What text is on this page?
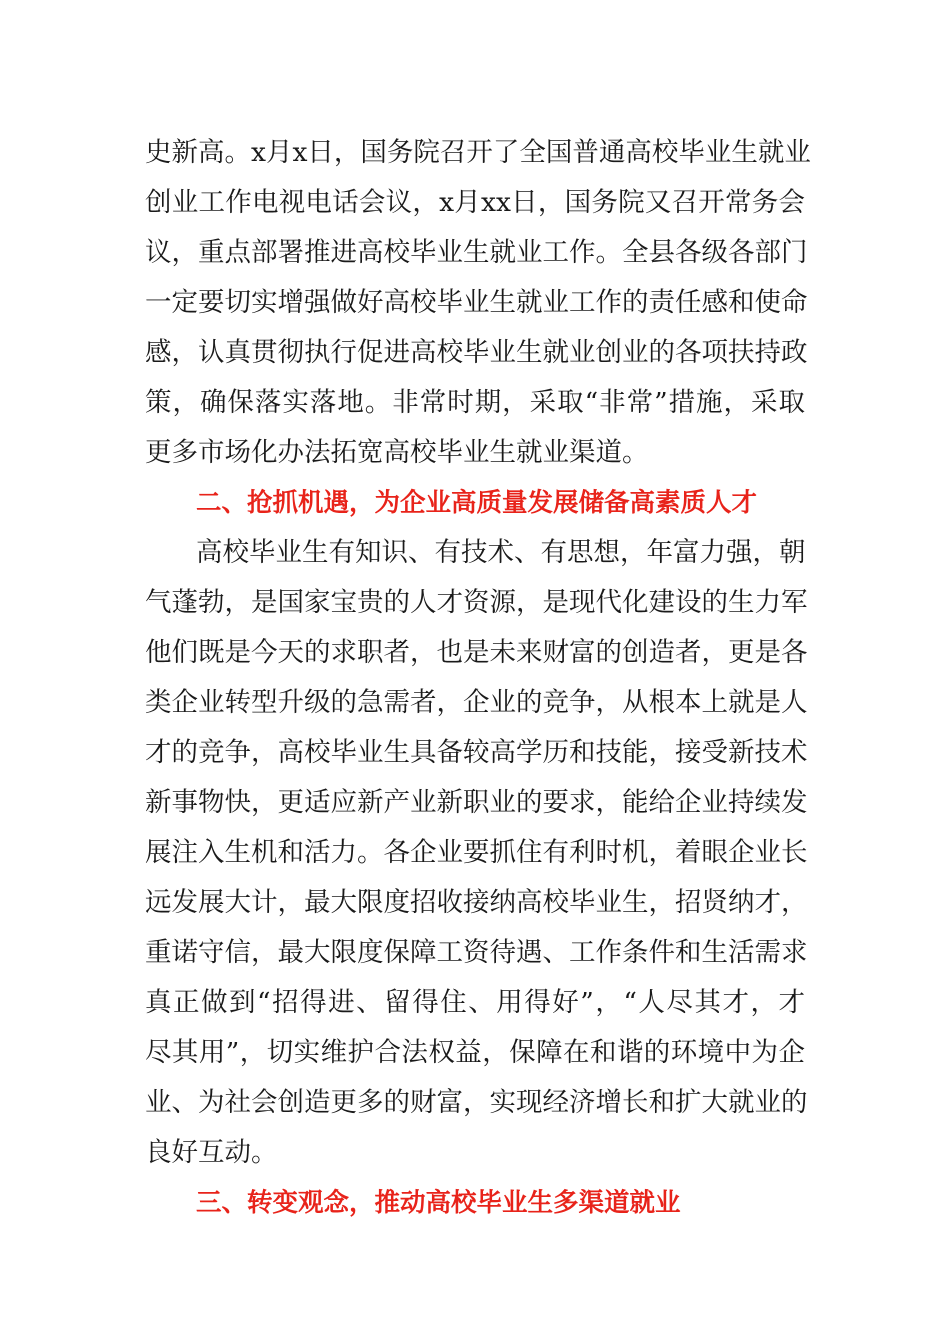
史新高。x月x日，国务院召开了全国普通高校毕业生就业
创业工作电视电话会议，x月xx日，国务院又召开常务会
议，重点部署推进高校毕业生就业工作。全县各级各部门
一定要切实增强做好高校毕业生就业工作的责任感和使命
感，认真贯彻执行促进高校毕业生就业创业的各项扶持政
策，确保落实落地。非常时期，采取“非常”措施，采取
更多市场化办法拓宽高校毕业生就业渠道。
二、抢抓机遇，为企业高质量发展储备高素质人才
高校毕业生有知识、有技术、有思想，年富力强，朝
气蓬勃，是国家宝贵的人才资源，是现代化建设的生力军
他们既是今天的求职者，也是未来财富的创造者，更是各
类企业转型升级的急需者，企业的竞争，从根本上就是人
才的竞争，高校毕业生具备较高学历和技能，接受新技术
新事物快，更适应新产业新职业的要求，能给企业持续发
展注入生机和活力。各企业要抓住有利时机，着眼企业长
远发展大计，最大限度招收接纳高校毕业生，招贤纳才，
重诺守信，最大限度保障工资待遇、工作条件和生活需求
真正做到“招得进、留得住、用得好”，“人尽其才，才
尽其用”，切实维护合法权益，保障在和谐的环境中为企
业、为社会创造更多的财富，实现经济增长和扩大就业的
良好互动。
三、转变观念，推动高校毕业生多渠道就业
